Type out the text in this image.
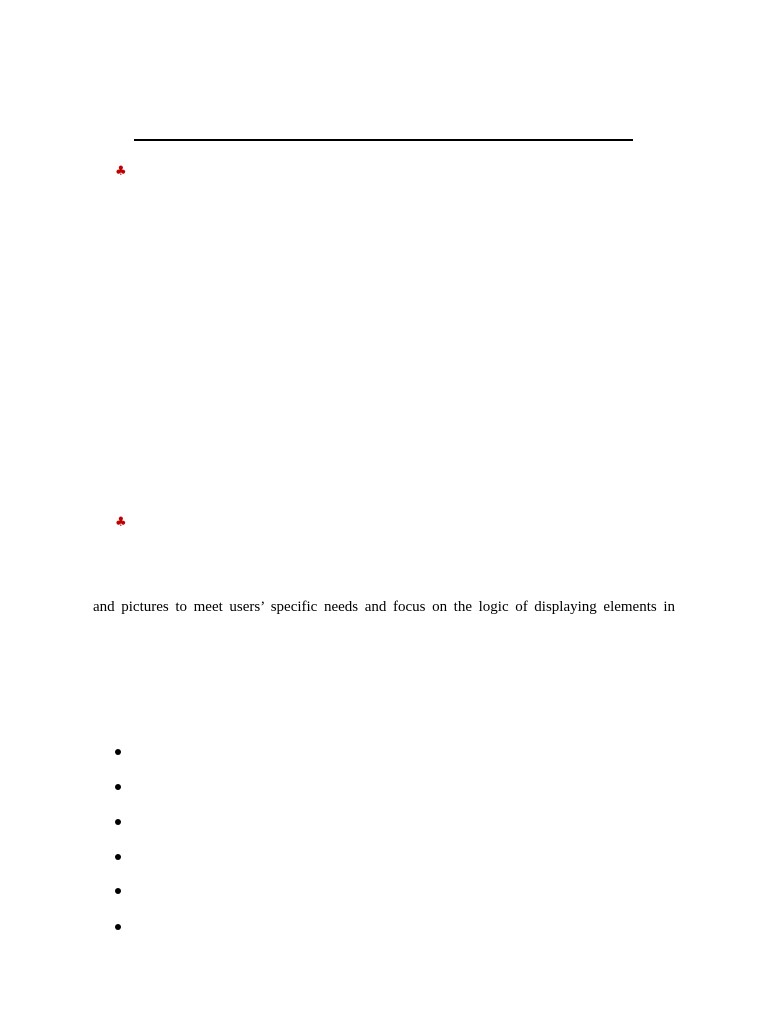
♣
♣
and pictures to meet users’ specific needs and focus on the logic of displaying elements in
